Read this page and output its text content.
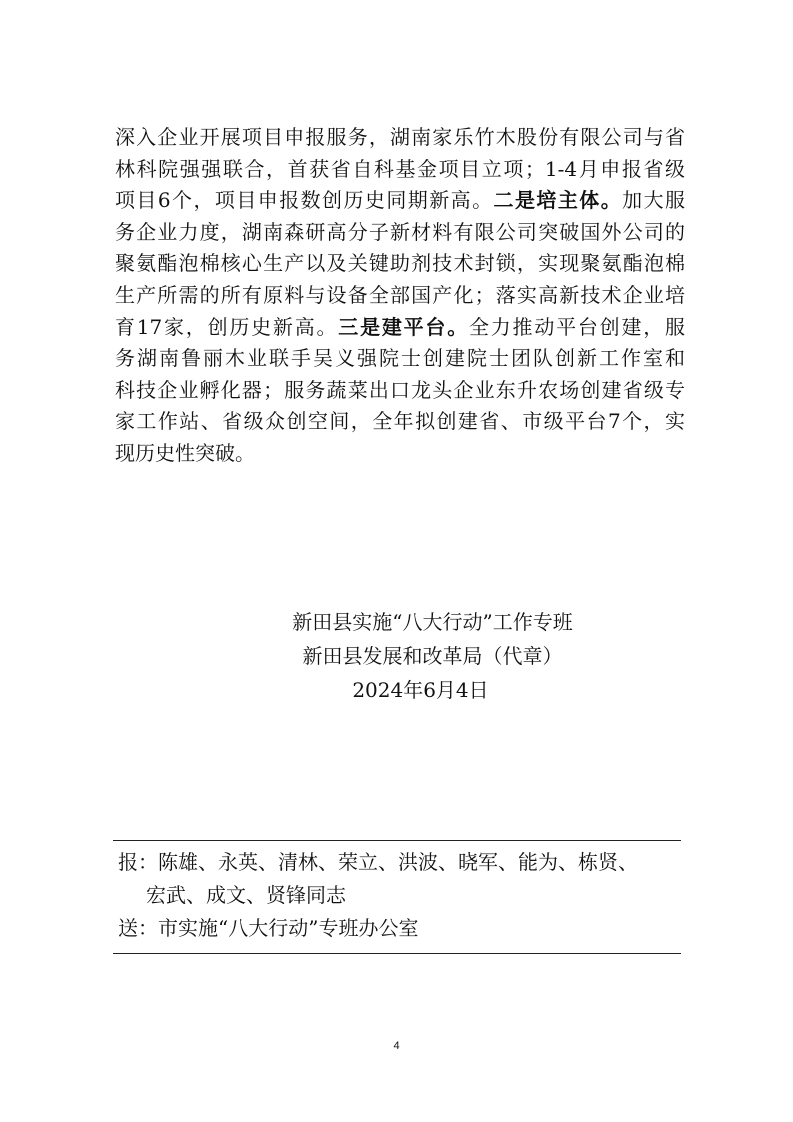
深入企业开展项目申报服务，湖南家乐竹木股份有限公司与省
林科院强强联合，首获省自科基金项目立项；1-4月申报省级
项目6个，项目申报数创历史同期新高。二是培主体。加大服
务企业力度，湖南森研高分子新材料有限公司突破国外公司的
聚氨酯泡棉核心生产以及关键助剂技术封锁，实现聚氨酯泡棉
生产所需的所有原料与设备全部国产化；落实高新技术企业培
育17家，创历史新高。三是建平台。全力推动平台创建，服
务湖南鲁丽木业联手吴义强院士创建院士团队创新工作室和
科技企业孵化器；服务蔬菜出口龙头企业东升农场创建省级专
家工作站、省级众创空间，全年拟创建省、市级平台7个，实
现历史性突破。
新田县实施“八大行动”工作专班
新田县发展和改革局（代章）
2024年6月4日
报：陈雄、永英、清林、荣立、洪波、晓军、能为、栋贤、
宏武、成文、贤锋同志
送：市实施“八大行动”专班办公室
4
